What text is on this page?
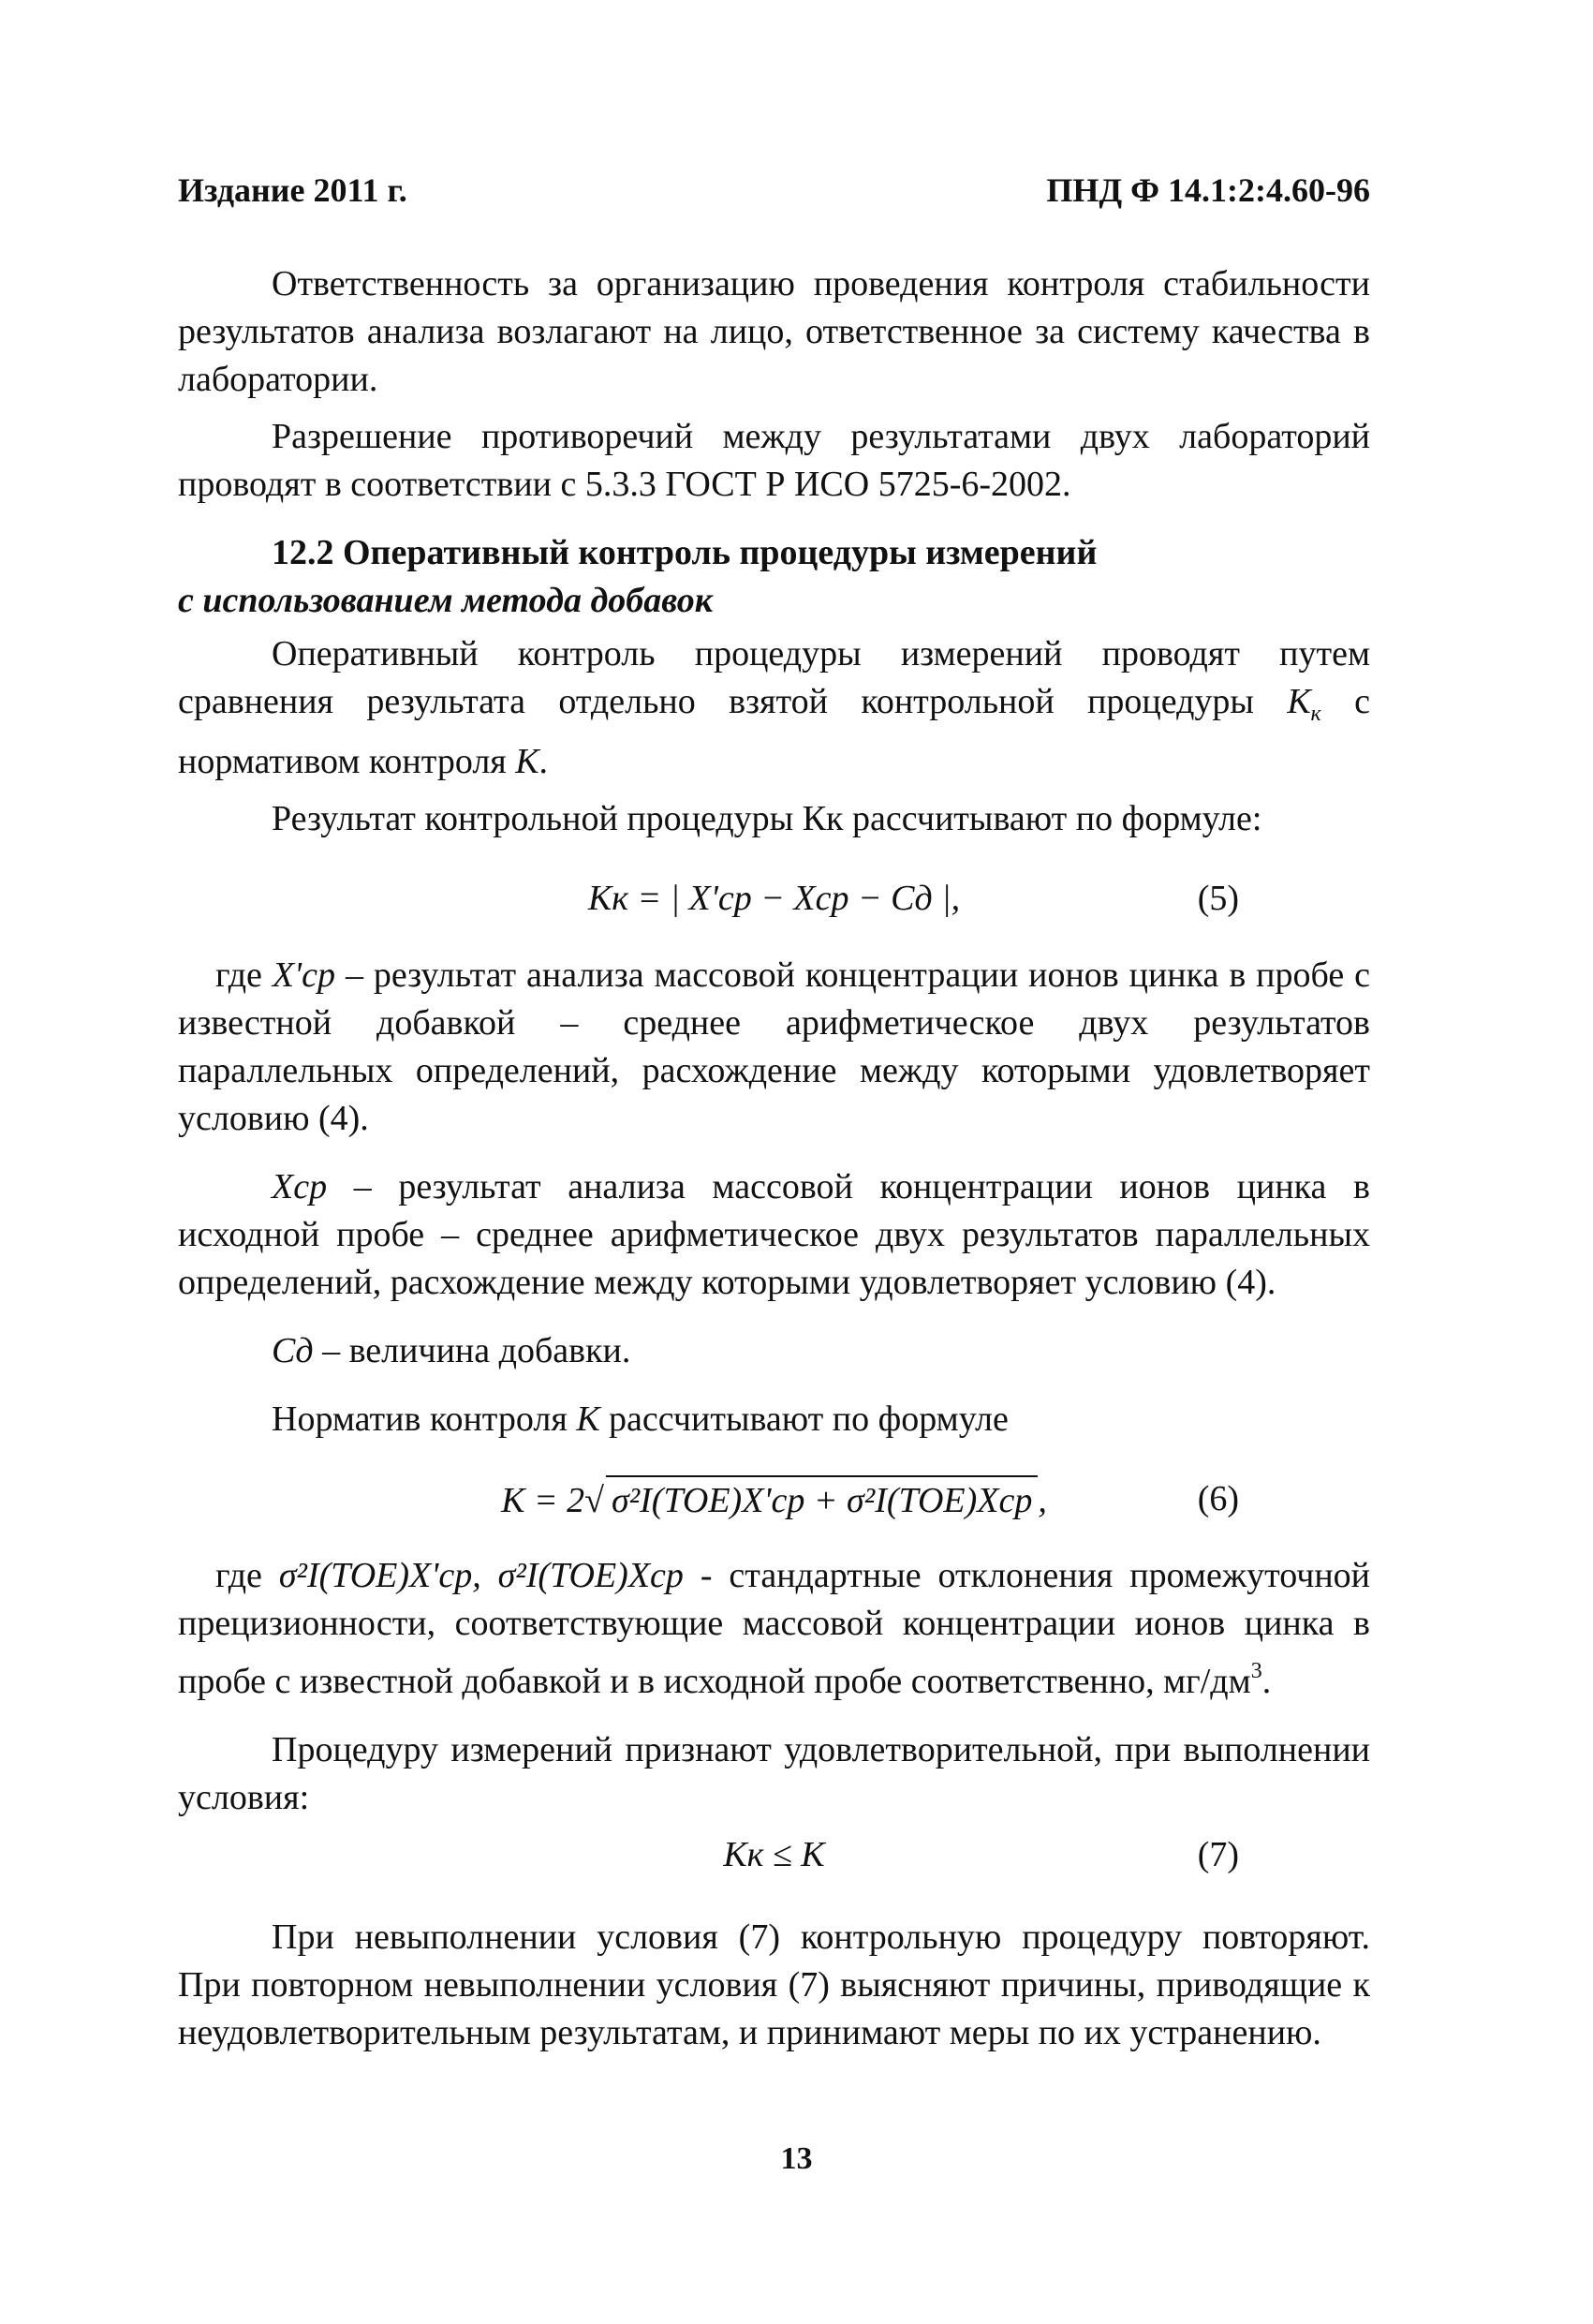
Издание 2011 г.	ПНД Ф 14.1:2:4.60-96

Ответственность за организацию проведения контроля стабильности результатов анализа возлагают на лицо, ответственное за систему качества в лаборатории.

Разрешение противоречий между результатами двух лабораторий проводят в соответствии с 5.3.3 ГОСТ Р ИСО 5725-6-2002.

12.2 Оперативный контроль процедуры измерений
с использованием метода добавок

Оперативный контроль процедуры измерений проводят путем сравнения результата отдельно взятой контрольной процедуры $К_к$ с нормативом контроля К.

Результат контрольной процедуры Кк рассчитывают по формуле:

Kк = | X'ср − Xср − Cд |,	(5)

где X'ср – результат анализа массовой концентрации ионов цинка в пробе с известной добавкой – среднее арифметическое двух результатов параллельных определений, расхождение между которыми удовлетворяет условию (4).

Xср – результат анализа массовой концентрации ионов цинка в исходной пробе – среднее арифметическое двух результатов параллельных определений, расхождение между которыми удовлетворяет условию (4).

Cд – величина добавки.

Норматив контроля К рассчитывают по формуле

K = 2√ σ²I(TOE)X'ср + σ²I(TOE)Xср ,	(6)

где σ²I(TOE)X'ср, σ²I(TOE)Xср - стандартные отклонения промежуточной прецизионности, соответствующие массовой концентрации ионов цинка в пробе с известной добавкой и в исходной пробе соответственно, $мг/дм^3$.

Процедуру измерений признают удовлетворительной, при выполнении условия:

Kк ≤ K	(7)

При невыполнении условия (7) контрольную процедуру повторяют. При повторном невыполнении условия (7) выясняют причины, приводящие к неудовлетворительным результатам, и принимают меры по их устранению.

13
